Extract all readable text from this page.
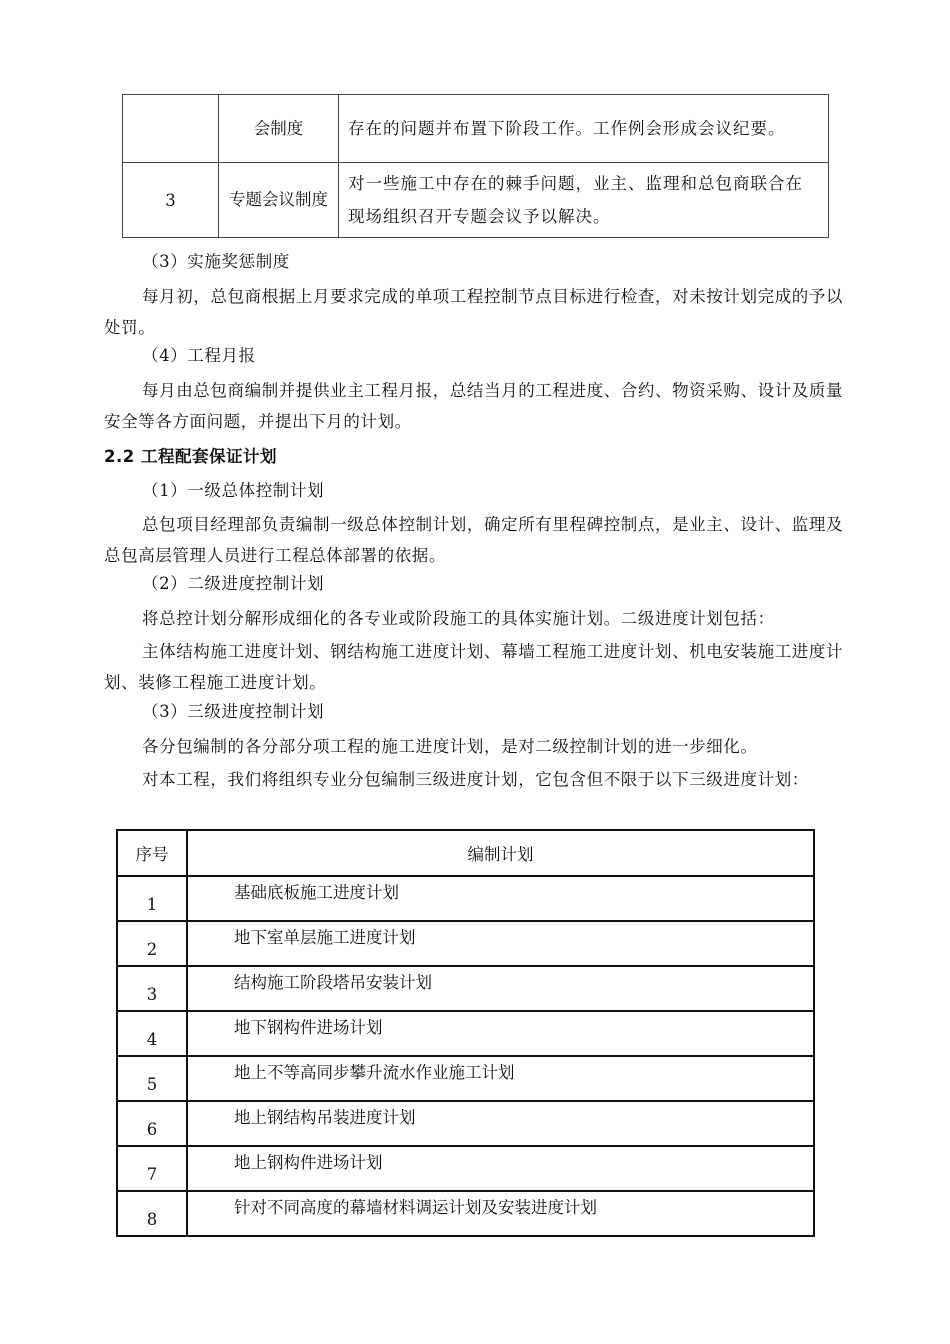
	会制度	存在的问题并布置下阶段工作。工作例会形成会议纪要。
3	专题会议制度	对一些施工中存在的棘手问题，业主、监理和总包商联合在现场组织召开专题会议予以解决。

（3）实施奖惩制度

每月初，总包商根据上月要求完成的单项工程控制节点目标进行检查，对未按计划完成的予以处罚。

（4）工程月报

每月由总包商编制并提供业主工程月报，总结当月的工程进度、合约、物资采购、设计及质量安全等各方面问题，并提出下月的计划。

2.2 工程配套保证计划

（1）一级总体控制计划

总包项目经理部负责编制一级总体控制计划，确定所有里程碑控制点，是业主、设计、监理及总包高层管理人员进行工程总体部署的依据。

（2）二级进度控制计划

将总控计划分解形成细化的各专业或阶段施工的具体实施计划。二级进度计划包括：

主体结构施工进度计划、钢结构施工进度计划、幕墙工程施工进度计划、机电安装施工进度计划、装修工程施工进度计划。

（3）三级进度控制计划

各分包编制的各分部分项工程的施工进度计划，是对二级控制计划的进一步细化。

对本工程，我们将组织专业分包编制三级进度计划，它包含但不限于以下三级进度计划：

序号	编制计划
1	基础底板施工进度计划
2	地下室单层施工进度计划
3	结构施工阶段塔吊安装计划
4	地下钢构件进场计划
5	地上不等高同步攀升流水作业施工计划
6	地上钢结构吊装进度计划
7	地上钢构件进场计划
8	针对不同高度的幕墙材料调运计划及安装进度计划
